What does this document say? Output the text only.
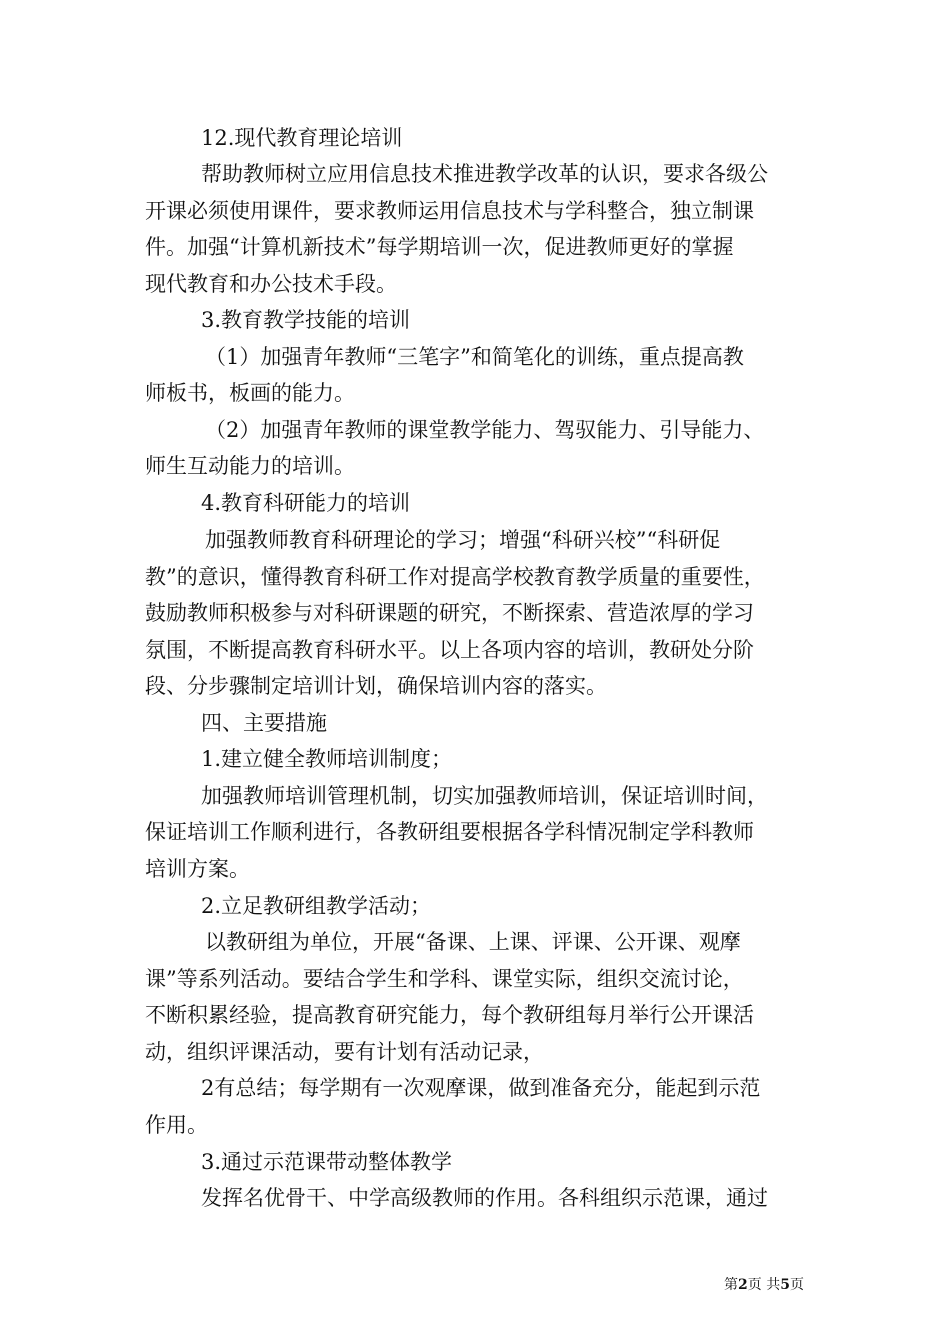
12.现代教育理论培训
帮助教师树立应用信息技术推进教学改革的认识，要求各级公
开课必须使用课件，要求教师运用信息技术与学科整合，独立制课
件。加强“计算机新技术”每学期培训一次，促进教师更好的掌握
现代教育和办公技术手段。
3.教育教学技能的培训
（1）加强青年教师“三笔字”和简笔化的训练，重点提高教
师板书，板画的能力。
（2）加强青年教师的课堂教学能力、驾驭能力、引导能力、
师生互动能力的培训。
4.教育科研能力的培训
加强教师教育科研理论的学习；增强“科研兴校”“科研促
教”的意识，懂得教育科研工作对提高学校教育教学质量的重要性，
鼓励教师积极参与对科研课题的研究，不断探索、营造浓厚的学习
氛围，不断提高教育科研水平。以上各项内容的培训，教研处分阶
段、分步骤制定培训计划，确保培训内容的落实。
四、主要措施
1.建立健全教师培训制度；
加强教师培训管理机制，切实加强教师培训，保证培训时间，
保证培训工作顺利进行，各教研组要根据各学科情况制定学科教师
培训方案。
2.立足教研组教学活动；
以教研组为单位，开展“备课、上课、评课、公开课、观摩
课”等系列活动。要结合学生和学科、课堂实际，组织交流讨论，
不断积累经验，提高教育研究能力，每个教研组每月举行公开课活
动，组织评课活动，要有计划有活动记录，
2有总结；每学期有一次观摩课，做到准备充分，能起到示范
作用。
3.通过示范课带动整体教学
发挥名优骨干、中学高级教师的作用。各科组织示范课，通过
第2页 共5页
